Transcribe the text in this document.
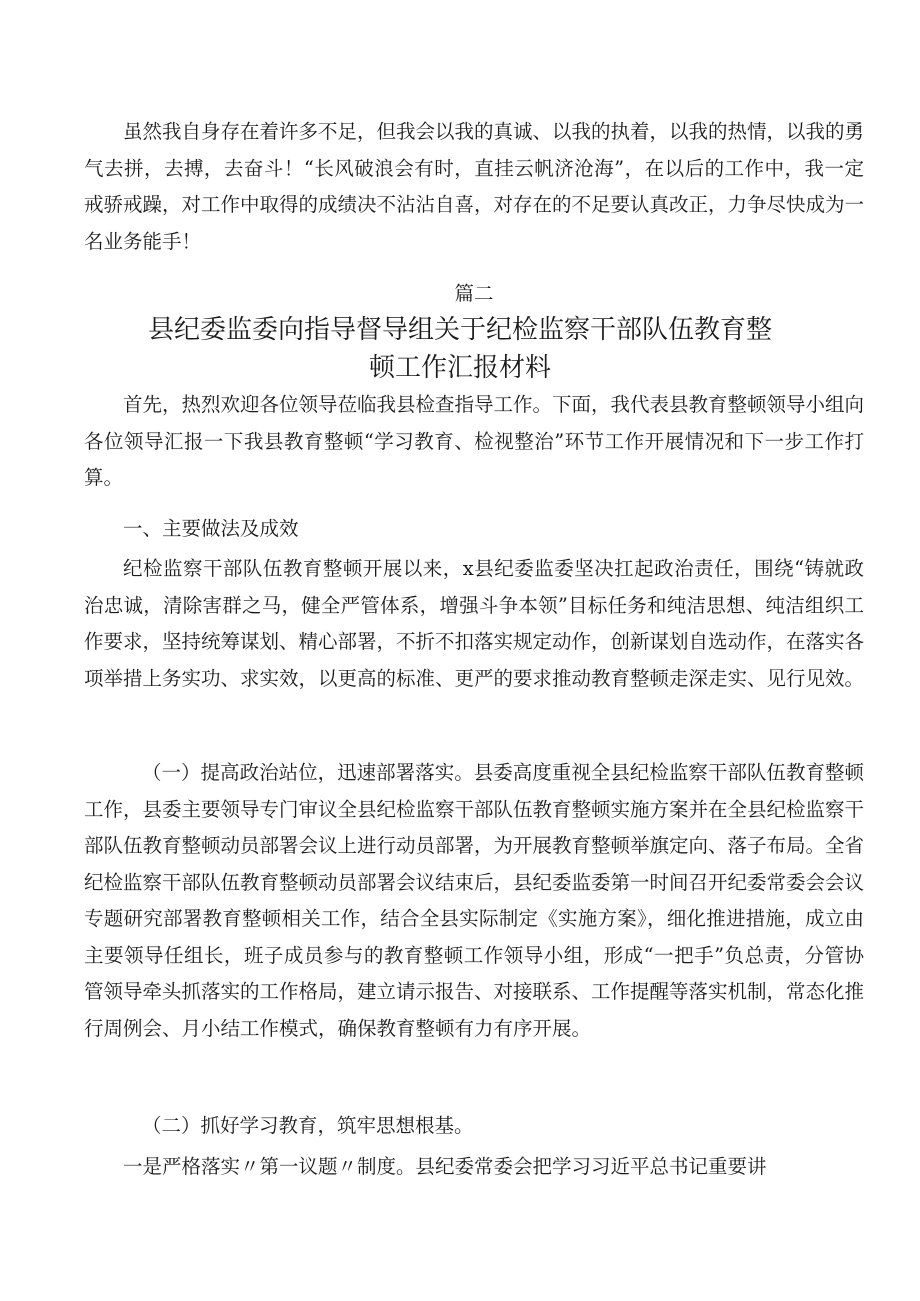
虽然我自身存在着许多不足，但我会以我的真诚、以我的执着，以我的热情，以我的勇气去拼，去搏，去奋斗！“长风破浪会有时，直挂云帆济沧海”，在以后的工作中，我一定戒骄戒躁，对工作中取得的成绩决不沾沾自喜，对存在的不足要认真改正，力争尽快成为一名业务能手！

篇二

县纪委监委向指导督导组关于纪检监察干部队伍教育整

顿工作汇报材料

首先，热烈欢迎各位领导莅临我县检查指导工作。下面，我代表县教育整顿领导小组向各位领导汇报一下我县教育整顿“学习教育、检视整治”环节工作开展情况和下一步工作打算。

一、主要做法及成效

纪检监察干部队伍教育整顿开展以来，x县纪委监委坚决扛起政治责任，围绕“铸就政治忠诚，清除害群之马，健全严管体系，增强斗争本领”目标任务和纯洁思想、纯洁组织工作要求，坚持统筹谋划、精心部署，不折不扣落实规定动作，创新谋划自选动作，在落实各项举措上务实功、求实效，以更高的标准、更严的要求推动教育整顿走深走实、见行见效。

（一）提高政治站位，迅速部署落实。县委高度重视全县纪检监察干部队伍教育整顿工作，县委主要领导专门审议全县纪检监察干部队伍教育整顿实施方案并在全县纪检监察干部队伍教育整顿动员部署会议上进行动员部署，为开展教育整顿举旗定向、落子布局。全省纪检监察干部队伍教育整顿动员部署会议结束后，县纪委监委第一时间召开纪委常委会会议专题研究部署教育整顿相关工作，结合全县实际制定《实施方案》，细化推进措施，成立由主要领导任组长，班子成员参与的教育整顿工作领导小组，形成“一把手”负总责，分管协管领导牵头抓落实的工作格局，建立请示报告、对接联系、工作提醒等落实机制，常态化推行周例会、月小结工作模式，确保教育整顿有力有序开展。

（二）抓好学习教育，筑牢思想根基。

一是严格落实〃第一议题〃制度。县纪委常委会把学习习近平总书记重要讲
